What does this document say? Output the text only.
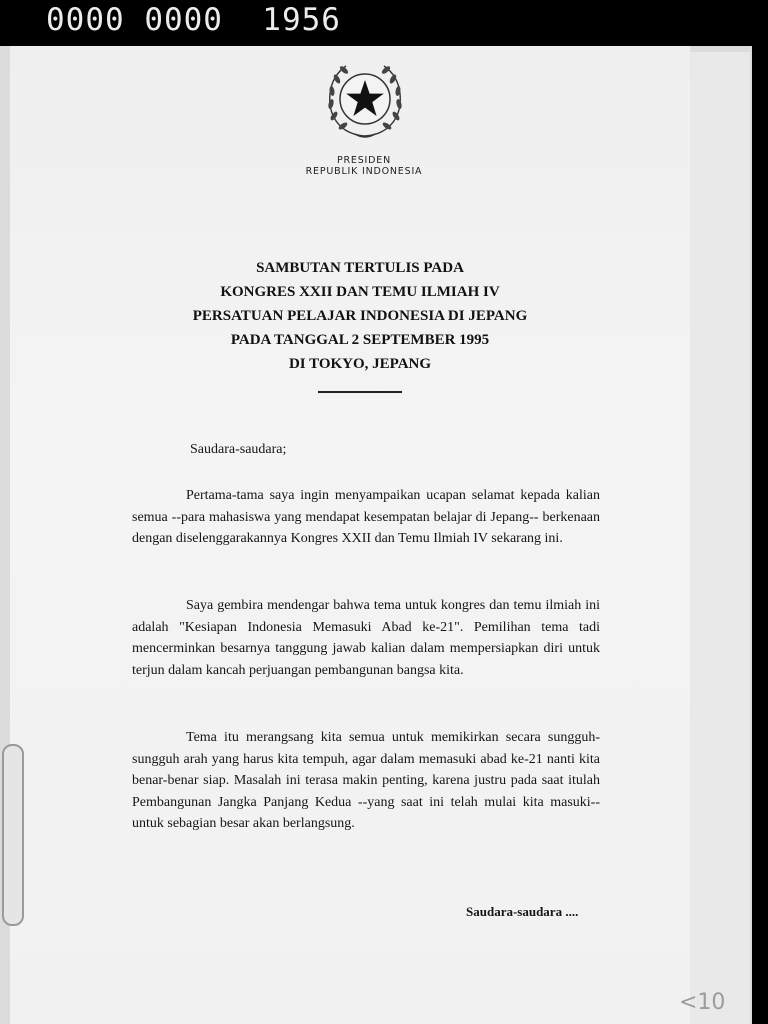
0000 0000  1956
PRESIDEN
REPUBLIK INDONESIA
SAMBUTAN TERTULIS PADA
KONGRES XXII DAN TEMU ILMIAH IV
PERSATUAN PELAJAR INDONESIA DI JEPANG
PADA TANGGAL 2 SEPTEMBER 1995
DI TOKYO, JEPANG
Saudara-saudara;

Pertama-tama saya ingin menyampaikan ucapan selamat kepada kalian semua --para mahasiswa yang mendapat kesempatan belajar di Jepang-- berkenaan dengan diselenggarakannya Kongres XXII dan Temu Ilmiah IV sekarang ini.

Saya gembira mendengar bahwa tema untuk kongres dan temu ilmiah ini adalah "Kesiapan Indonesia Memasuki Abad ke-21". Pemilihan tema tadi mencerminkan besarnya tanggung jawab kalian dalam mempersiapkan diri untuk terjun dalam kancah perjuangan pembangunan bangsa kita.

Tema itu merangsang kita semua untuk memikirkan secara sungguh-sungguh arah yang harus kita tempuh, agar dalam memasuki abad ke-21 nanti kita benar-benar siap. Masalah ini terasa makin penting, karena justru pada saat itulah Pembangunan Jangka Panjang Kedua --yang saat ini telah mulai kita masuki-- untuk sebagian besar akan berlangsung.

Saudara-saudara ....
<10
